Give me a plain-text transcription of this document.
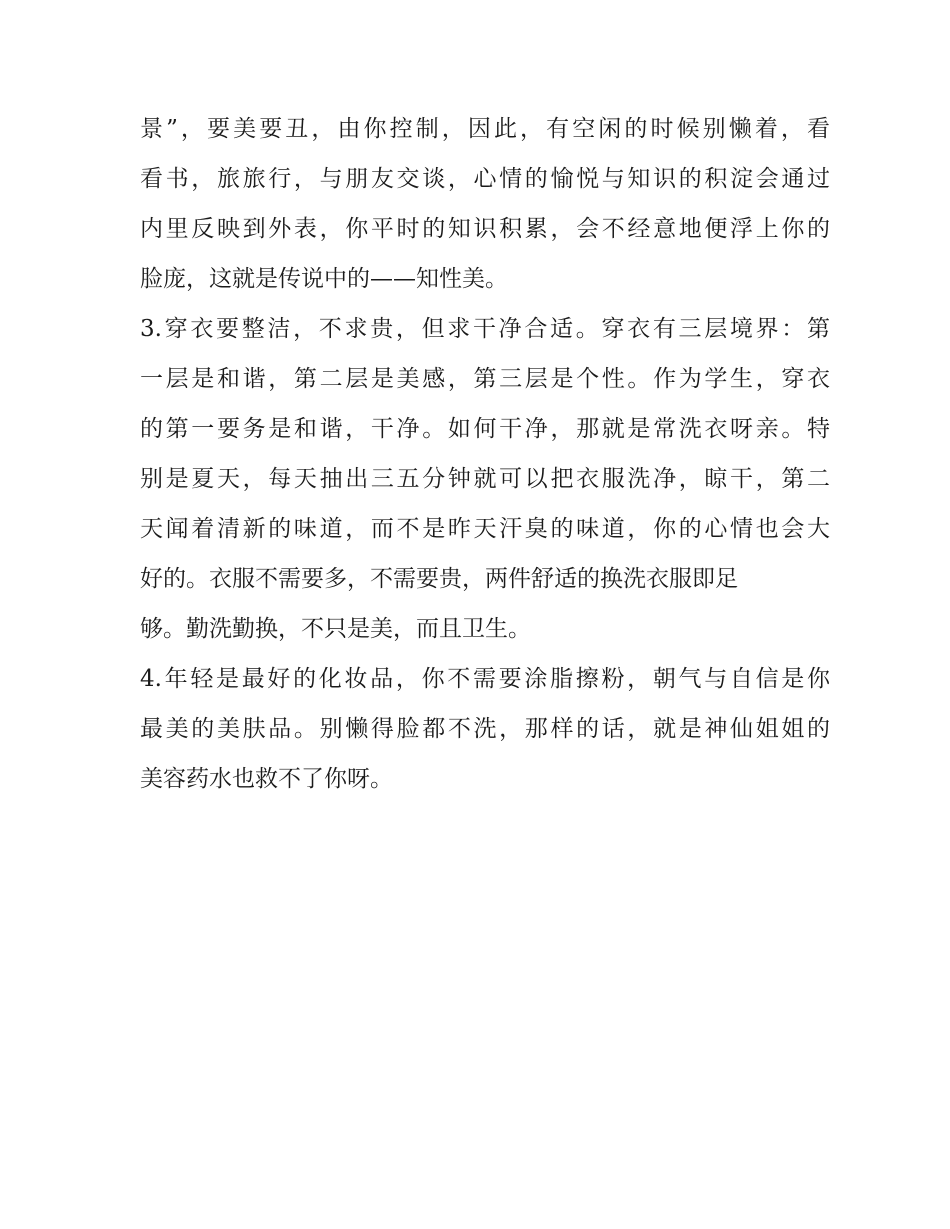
景”，要美要丑，由你控制，因此，有空闲的时候别懒着，看
看书，旅旅行，与朋友交谈，心情的愉悦与知识的积淀会通过
内里反映到外表，你平时的知识积累，会不经意地便浮上你的
脸庞，这就是传说中的——知性美。
3.穿衣要整洁，不求贵，但求干净合适。穿衣有三层境界：第
一层是和谐，第二层是美感，第三层是个性。作为学生，穿衣
的第一要务是和谐，干净。如何干净，那就是常洗衣呀亲。特
别是夏天，每天抽出三五分钟就可以把衣服洗净，晾干，第二
天闻着清新的味道，而不是昨天汗臭的味道，你的心情也会大
好的。衣服不需要多，不需要贵，两件舒适的换洗衣服即足
够。勤洗勤换，不只是美，而且卫生。
4.年轻是最好的化妆品，你不需要涂脂擦粉，朝气与自信是你
最美的美肤品。别懒得脸都不洗，那样的话，就是神仙姐姐的
美容药水也救不了你呀。
